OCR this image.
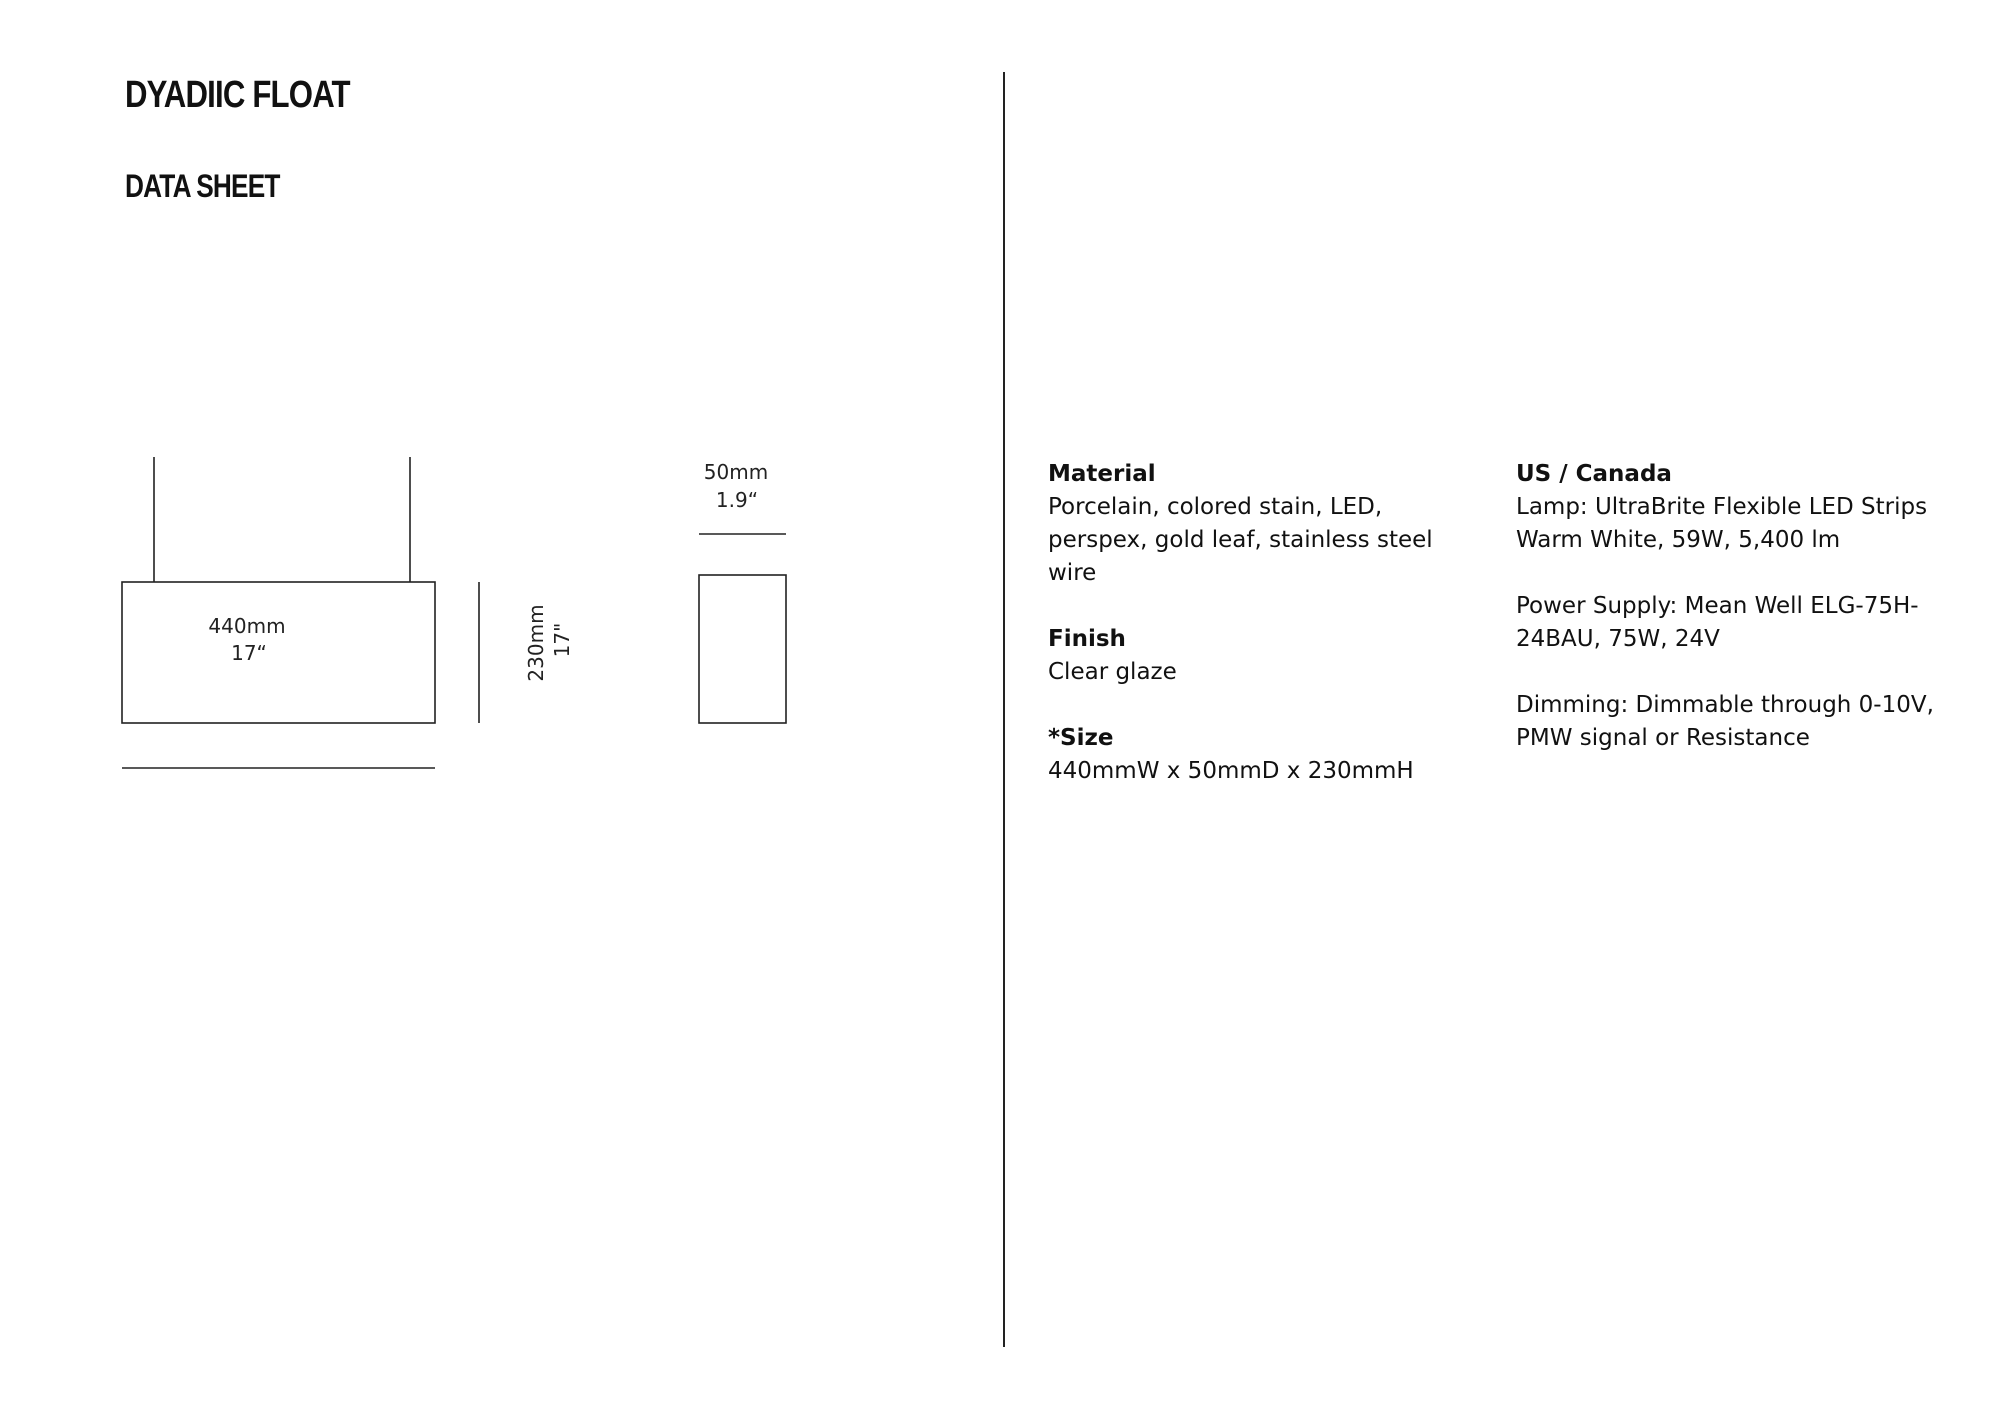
DYADIIC FLOAT
DATA SHEET
440mm
17“	230mm 17"
50mm
1.9“
Material
Porcelain, colored stain, LED, perspex, gold leaf, stainless steel wire
Finish
Clear glaze
*Size
440mmW x 50mmD x 230mmH
US / Canada
Lamp: UltraBrite Flexible LED Strips Warm White, 59W, 5,400 lm
Power Supply: Mean Well ELG-75H-24BAU, 75W, 24V
Dimming: Dimmable through 0-10V, PMW signal or Resistance
